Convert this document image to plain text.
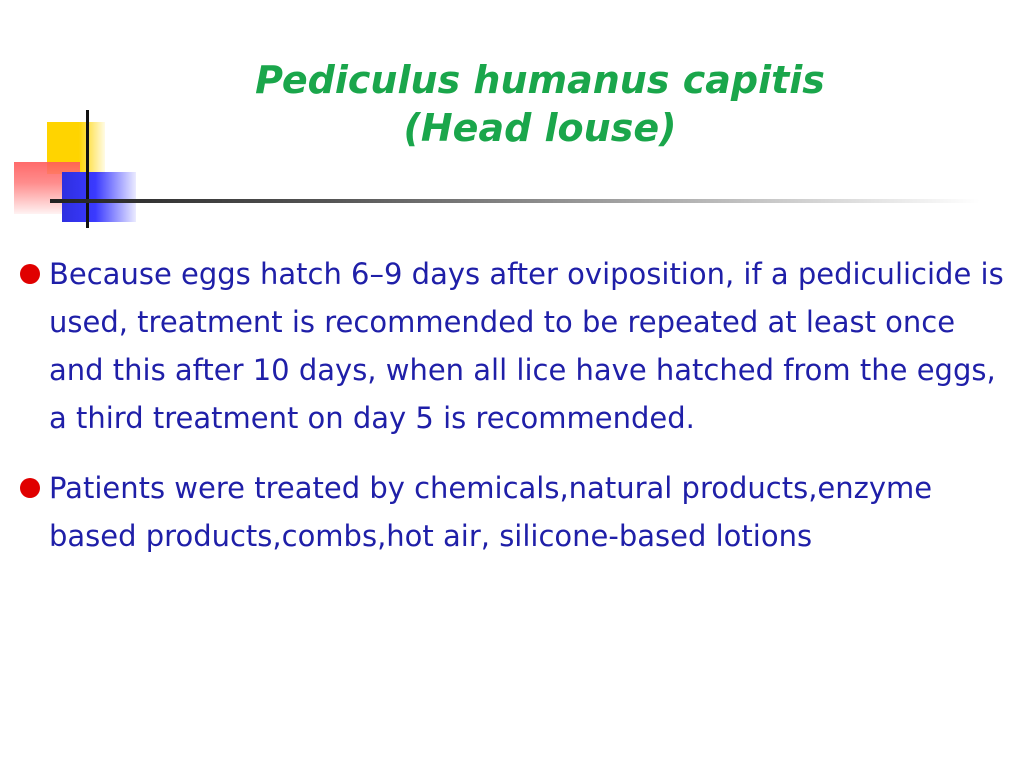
Pediculus humanus capitis
(Head louse)
Because eggs hatch 6–9 days after oviposition, if a pediculicide is used, treatment is recommended to be repeated at least once and this after 10 days, when all lice have hatched from the eggs, a third treatment on day 5 is recommended.
Patients were treated by chemicals,natural products,enzyme based products,combs,hot air, silicone-based lotions
